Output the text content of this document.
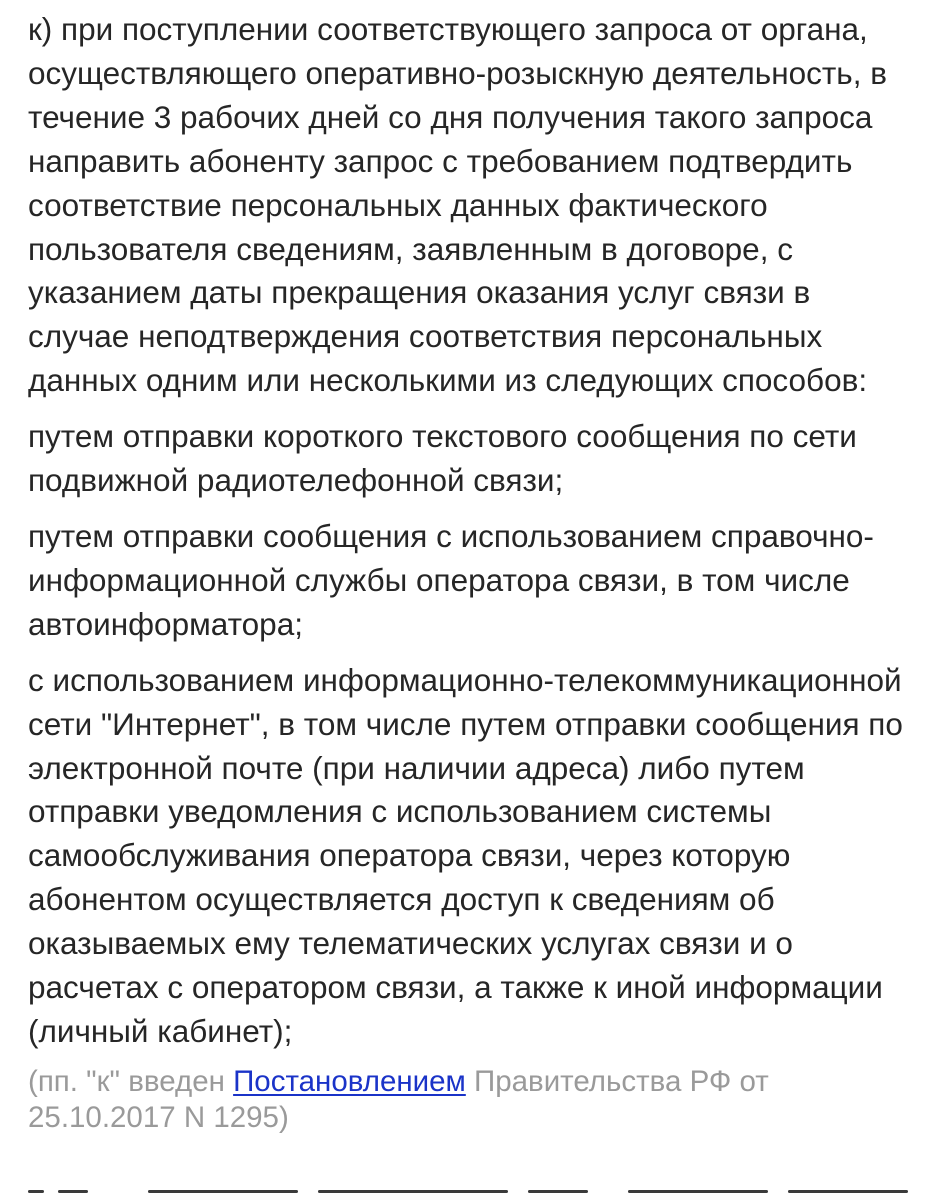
к) при поступлении соответствующего запроса от органа, осуществляющего оперативно-розыскную деятельность, в течение 3 рабочих дней со дня получения такого запроса направить абоненту запрос с требованием подтвердить соответствие персональных данных фактического пользователя сведениям, заявленным в договоре, с указанием даты прекращения оказания услуг связи в случае неподтверждения соответствия персональных данных одним или несколькими из следующих способов:

путем отправки короткого текстового сообщения по сети подвижной радиотелефонной связи;

путем отправки сообщения с использованием справочно-информационной службы оператора связи, в том числе автоинформатора;

с использованием информационно-телекоммуникационной сети "Интернет", в том числе путем отправки сообщения по электронной почте (при наличии адреса) либо путем отправки уведомления с использованием системы самообслуживания оператора связи, через которую абонентом осуществляется доступ к сведениям об оказываемых ему телематических услугах связи и о расчетах с оператором связи, а также к иной информации (личный кабинет);

(пп. "к" введен Постановлением Правительства РФ от 25.10.2017 N 1295)
